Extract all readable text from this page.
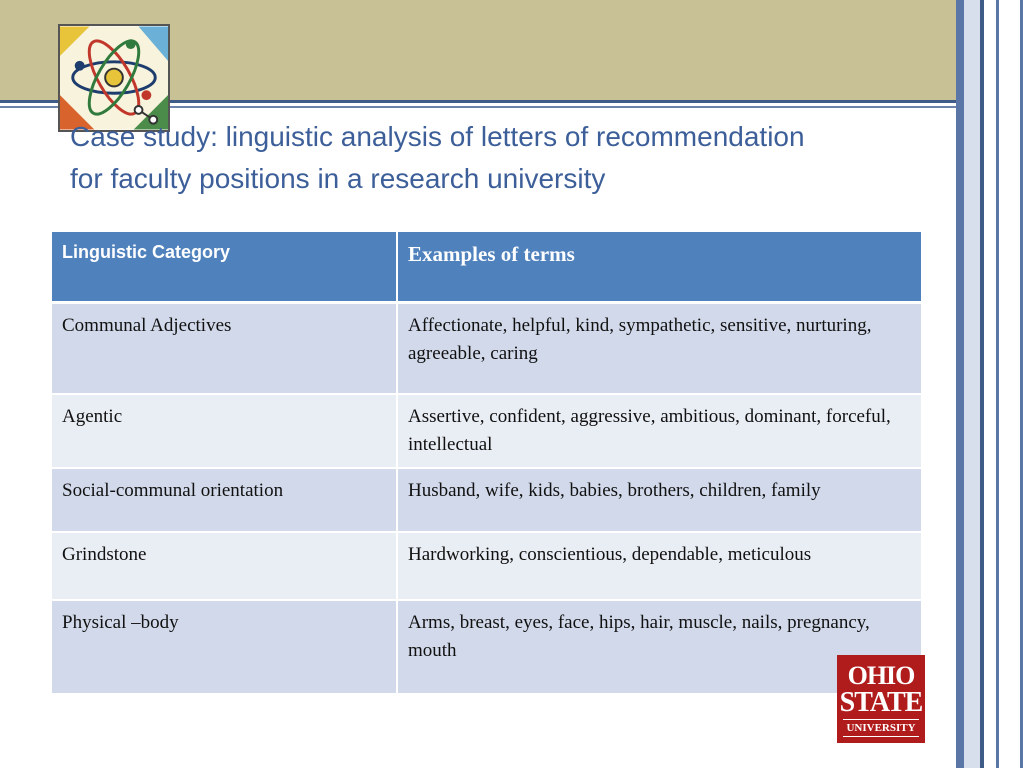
Case study: linguistic analysis of letters of recommendation
for faculty positions in a research university
Linguistic Category	Examples of terms
Communal Adjectives	Affectionate, helpful, kind, sympathetic, sensitive, nurturing, agreeable, caring
Agentic	Assertive, confident, aggressive, ambitious, dominant, forceful, intellectual
Social-communal orientation	Husband, wife, kids, babies, brothers, children, family
Grindstone	Hardworking, conscientious, dependable, meticulous
Physical –body	Arms, breast, eyes, face, hips, hair, muscle, nails, pregnancy, mouth
OHIO
STATE
UNIVERSITY
